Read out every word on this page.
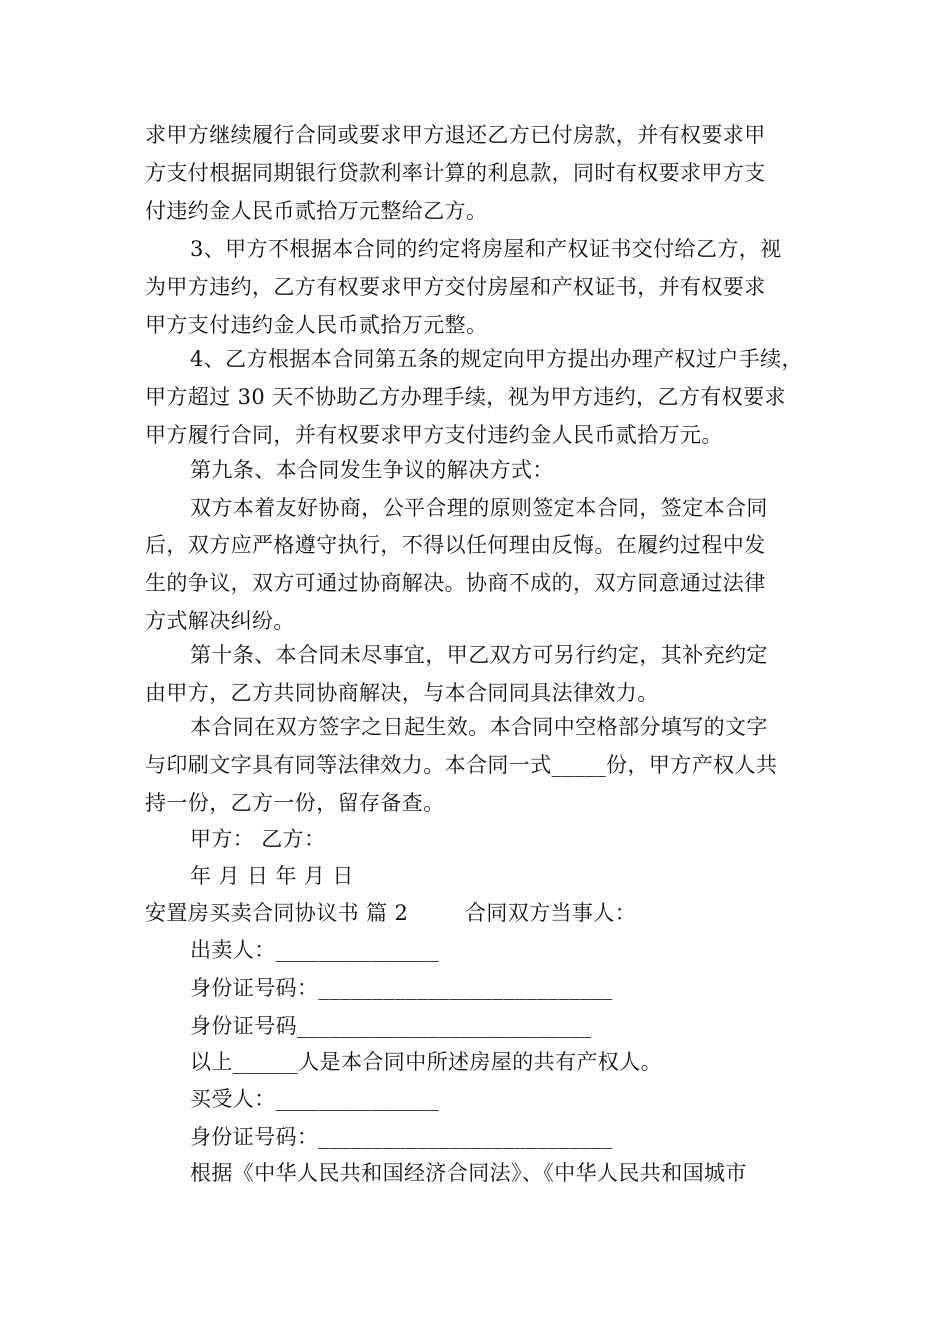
求甲方继续履行合同或要求甲方退还乙方已付房款，并有权要求甲
方支付根据同期银行贷款利率计算的利息款，同时有权要求甲方支
付违约金人民币贰拾万元整给乙方。
3、甲方不根据本合同的约定将房屋和产权证书交付给乙方，视
为甲方违约，乙方有权要求甲方交付房屋和产权证书，并有权要求
甲方支付违约金人民币贰拾万元整。
4、乙方根据本合同第五条的规定向甲方提出办理产权过户手续，
甲方超过 30 天不协助乙方办理手续，视为甲方违约，乙方有权要求
甲方履行合同，并有权要求甲方支付违约金人民币贰拾万元。
第九条、本合同发生争议的解决方式：
双方本着友好协商，公平合理的原则签定本合同，签定本合同
后，双方应严格遵守执行，不得以任何理由反悔。在履约过程中发
生的争议，双方可通过协商解决。协商不成的，双方同意通过法律
方式解决纠纷。
第十条、本合同未尽事宜，甲乙双方可另行约定，其补充约定
由甲方，乙方共同协商解决，与本合同同具法律效力。
本合同在双方签字之日起生效。本合同中空格部分填写的文字
与印刷文字具有同等法律效力。本合同一式_____份，甲方产权人共
持一份，乙方一份，留存备查。
甲方： 乙方：
年 月 日 年 月 日
安置房买卖合同协议书 篇 2        合同双方当事人：
出卖人：_______________
身份证号码：___________________________
身份证号码___________________________
以上______人是本合同中所述房屋的共有产权人。
买受人：_______________
身份证号码：___________________________
根据《中华人民共和国经济合同法》、《中华人民共和国城市
